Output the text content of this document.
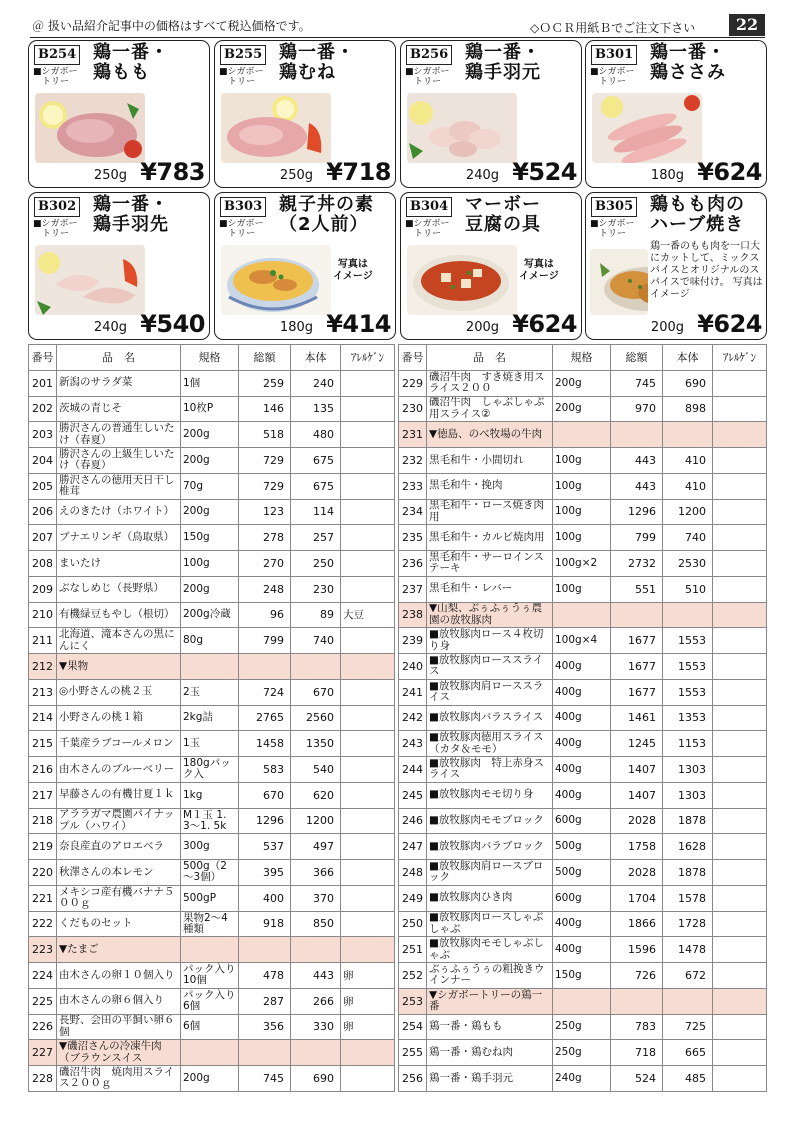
＠ 扱い品紹介記事中の価格はすべて税込価格です。	◇ＯＣＲ用紙Ｂでご注文下さい	22
B254
■シガボー
　トリー
鶏一番・
鶏もも
250g ¥783
B255
■シガボー
　トリー
鶏一番・
鶏むね
250g ¥718
B256
■シガボー
　トリー
鶏一番・
鶏手羽元
240g ¥524
B301
■シガボー
　トリー
鶏一番・
鶏ささみ
180g ¥624
B302
■シガボー
　トリー
鶏一番・
鶏手羽先
240g ¥540
B303
■シガボー
　トリー
親子丼の素
（2人前）
写真は
イメージ
180g ¥414
B304
■シガボー
　トリー
マーボー
豆腐の具
写真は
イメージ
200g ¥624
B305
■シガボー
　トリー
鶏もも肉の
ハーブ焼き
鶏一番のもも肉を一口大にカットして、ミックスパイスとオリジナルのスパイスで味付け。 写真はイメージ
200g ¥624
番号	品　名	規格	総額	本体	ｱﾚﾙｹﾞﾝ
201	新潟のサラダ菜	1個	259	240	
202	茨城の青じそ	10枚P	146	135	
203	勝沢さんの普通生しいたけ（春夏）	200g	518	480	
204	勝沢さんの上級生しいたけ（春夏）	200g	729	675	
205	勝沢さんの徳用天日干し椎茸	70g	729	675	
206	えのきたけ（ホワイト）	200g	123	114	
207	ブナエリンギ（鳥取県）	150g	278	257	
208	まいたけ	100g	270	250	
209	ぶなしめじ（長野県）	200g	248	230	
210	有機緑豆もやし（根切）	200g冷蔵	96	89	大豆
211	北海道、滝本さんの黒にんにく	80g	799	740	
212	▼果物				
213	◎小野さんの桃２玉	2玉	724	670	
214	小野さんの桃１箱	2kg詰	2765	2560	
215	千葉産ラブコールメロン	1玉	1458	1350	
216	由木さんのブルーベリー	180gパック入	583	540	
217	早藤さんの有機甘夏１ｋ	1kg	670	620	
218	アララガマ農園パイナップル（ハワイ）	M１玉 1. 3～1. 5k	1296	1200	
219	奈良産直のアロエベラ	300g	537	497	
220	秋澤さんの本レモン	500g（2～3個）	395	366	
221	メキシコ産有機バナナ５００ｇ	500gP	400	370	
222	くだものセット	果物2～4種類	918	850	
223	▼たまご				
224	由木さんの卵１０個入り	パック入り10個	478	443	卵
225	由木さんの卵６個入り	パック入り6個	287	266	卵
226	長野、会田の平飼い卵６個	6個	356	330	卵
227	▼磯沼さんの冷凍牛肉（ブラウンスイス				
228	磯沼牛肉　焼肉用スライス２００ｇ	200g	745	690	
番号	品　名	規格	総額	本体	ｱﾚﾙｹﾞﾝ
229	磯沼牛肉　すき焼き用スライス２００	200g	745	690	
230	磯沼牛肉　しゃぶしゃぶ用スライス②	200g	970	898	
231	▼徳島、のべ牧場の牛肉				
232	黒毛和牛・小間切れ	100g	443	410	
233	黒毛和牛・挽肉	100g	443	410	
234	黒毛和牛・ロース焼き肉用	100g	1296	1200	
235	黒毛和牛・カルビ焼肉用	100g	799	740	
236	黒毛和牛・サーロインステーキ	100g×2	2732	2530	
237	黒毛和牛・レバー	100g	551	510	
238	▼山梨、ぶぅふぅうぅ農園の放牧豚肉				
239	■放牧豚肉ロース４枚切り身	100g×4	1677	1553	
240	■放牧豚肉ローススライス	400g	1677	1553	
241	■放牧豚肉肩ローススライス	400g	1677	1553	
242	■放牧豚肉バラスライス	400g	1461	1353	
243	■放牧豚肉徳用スライス（カタ＆モモ）	400g	1245	1153	
244	■放牧豚肉　特上赤身スライス	400g	1407	1303	
245	■放牧豚肉モモ切り身	400g	1407	1303	
246	■放牧豚肉モモブロック	600g	2028	1878	
247	■放牧豚肉バラブロック	500g	1758	1628	
248	■放牧豚肉肩ロースブロック	500g	2028	1878	
249	■放牧豚肉ひき肉	600g	1704	1578	
250	■放牧豚肉ロースしゃぶしゃぶ	400g	1866	1728	
251	■放牧豚肉モモしゃぶしゃぶ	400g	1596	1478	
252	ぶぅふぅうぅの粗挽きウインナー	150g	726	672	
253	▼シガボートリーの鶏一番				
254	鶏一番・鶏もも	250g	783	725	
255	鶏一番・鶏むね肉	250g	718	665	
256	鶏一番・鶏手羽元	240g	524	485	
